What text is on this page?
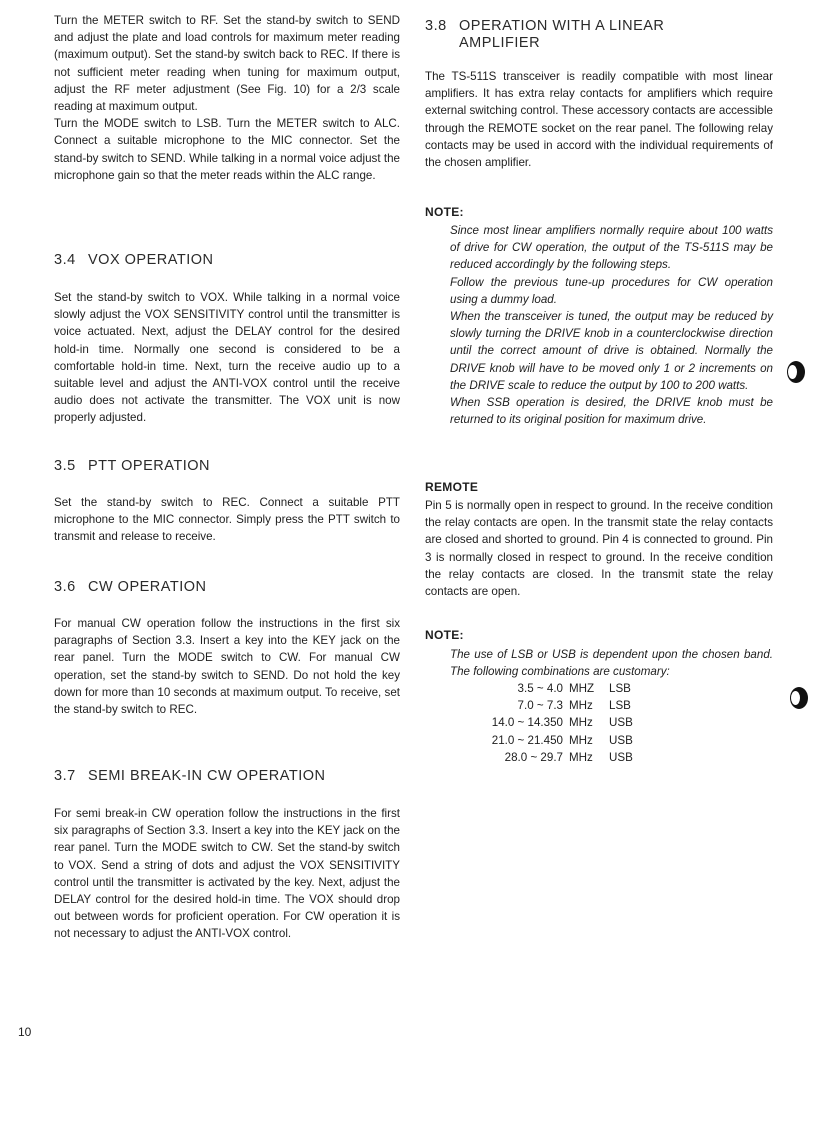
Turn the METER switch to RF. Set the stand-by switch to SEND and adjust the plate and load controls for maximum meter reading (maximum output). Set the stand-by switch back to REC. If there is not sufficient meter reading when tuning for maximum output, adjust the RF meter adjustment (See Fig. 10) for a 2/3 scale reading at maximum output.

Turn the MODE switch to LSB. Turn the METER switch to ALC. Connect a suitable microphone to the MIC connector. Set the stand-by switch to SEND. While talking in a normal voice adjust the microphone gain so that the meter reads within the ALC range.

3.4 VOX OPERATION

Set the stand-by switch to VOX. While talking in a normal voice slowly adjust the VOX SENSITIVITY control until the transmitter is voice actuated. Next, adjust the DELAY control for the desired hold-in time. Normally one second is considered to be a comfortable hold-in time. Next, turn the receive audio up to a suitable level and adjust the ANTI-VOX control until the receive audio does not activate the transmitter. The VOX unit is now properly adjusted.

3.5 PTT OPERATION

Set the stand-by switch to REC. Connect a suitable PTT microphone to the MIC connector. Simply press the PTT switch to transmit and release to receive.

3.6 CW OPERATION

For manual CW operation follow the instructions in the first six paragraphs of Section 3.3. Insert a key into the KEY jack on the rear panel. Turn the MODE switch to CW. For manual CW operation, set the stand-by switch to SEND. Do not hold the key down for more than 10 seconds at maximum output. To receive, set the stand-by switch to REC.

3.7 SEMI BREAK-IN CW OPERATION

For semi break-in CW operation follow the instructions in the first six paragraphs of Section 3.3. Insert a key into the KEY jack on the rear panel. Turn the MODE switch to CW. Set the stand-by switch to VOX. Send a string of dots and adjust the VOX SENSITIVITY control until the transmitter is activated by the key. Next, adjust the DELAY control for the desired hold-in time. The VOX should drop out between words for proficient operation. For CW operation it is not necessary to adjust the ANTI-VOX control.

3.8 OPERATION WITH A LINEAR
AMPLIFIER

The TS-511S transceiver is readily compatible with most linear amplifiers. It has extra relay contacts for amplifiers which require external switching control. These accessory contacts are accessible through the REMOTE socket on the rear panel. The following relay contacts may be used in accord with the individual requirements of the chosen amplifier.

NOTE:

Since most linear amplifiers normally require about 100 watts of drive for CW operation, the output of the TS-511S may be reduced accordingly by the following steps.

Follow the previous tune-up procedures for CW operation using a dummy load.

When the transceiver is tuned, the output may be reduced by slowly turning the DRIVE knob in a counterclockwise direction until the correct amount of drive is obtained. Normally the DRIVE knob will have to be moved only 1 or 2 increments on the DRIVE scale to reduce the output by 100 to 200 watts.

When SSB operation is desired, the DRIVE knob must be returned to its original position for maximum drive.

REMOTE

Pin 5 is normally open in respect to ground. In the receive condition the relay contacts are open. In the transmit state the relay contacts are closed and shorted to ground. Pin 4 is connected to ground. Pin 3 is normally closed in respect to ground. In the receive condition the relay contacts are closed. In the transmit state the relay contacts are open.

NOTE:

The use of LSB or USB is dependent upon the chosen band. The following combinations are customary:

3.5 ~ 4.0	MHZ	LSB
7.0 ~ 7.3	MHz	LSB
14.0 ~ 14.350	MHz	USB
21.0 ~ 21.450	MHz	USB
28.0 ~ 29.7	MHz	USB
10
